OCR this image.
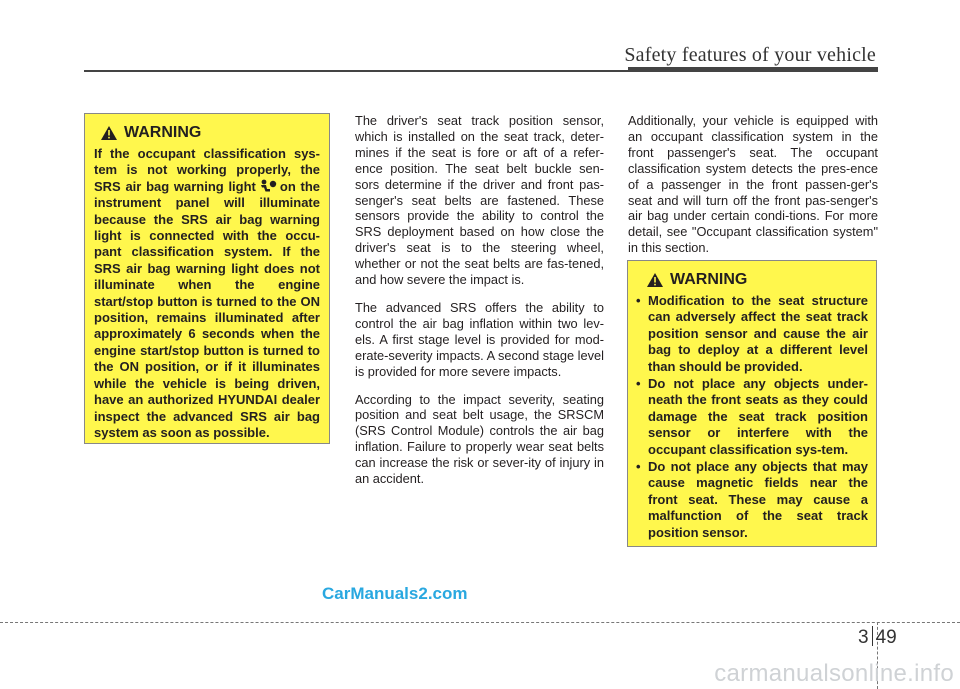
Safety features of your vehicle
WARNING
If the occupant classification sys-tem is not working properly, the SRS air bag warning light on the instrument panel will illuminate because the SRS air bag warning light is connected with the occu-pant classification system. If the SRS air bag warning light does not illuminate when the engine start/stop button is turned to the ON position, remains illuminated after approximately 6 seconds when the engine start/stop button is turned to the ON position, or if it illuminates while the vehicle is being driven, have an authorized HYUNDAI dealer inspect the advanced SRS air bag system as soon as possible.

The driver's seat track position sensor, which is installed on the seat track, deter-mines if the seat is fore or aft of a refer-ence position. The seat belt buckle sen-sors determine if the driver and front pas-senger's seat belts are fastened. These sensors provide the ability to control the SRS deployment based on how close the driver's seat is to the steering wheel, whether or not the seat belts are fas-tened, and how severe the impact is.

The advanced SRS offers the ability to control the air bag inflation within two lev-els. A first stage level is provided for mod-erate-severity impacts. A second stage level is provided for more severe impacts.

According to the impact severity, seating position and seat belt usage, the SRSCM (SRS Control Module) controls the air bag inflation. Failure to properly wear seat belts can increase the risk or sever-ity of injury in an accident.

Additionally, your vehicle is equipped with an occupant classification system in the front passenger's seat. The occupant classification system detects the pres-ence of a passenger in the front passen-ger's seat and will turn off the front pas-senger's air bag under certain condi-tions. For more detail, see "Occupant classification system" in this section.

WARNING
• Modification to the seat structure can adversely affect the seat track position sensor and cause the air bag to deploy at a different level than should be provided.
• Do not place any objects under-neath the front seats as they could damage the seat track position sensor or interfere with the occupant classification sys-tem.
• Do not place any objects that may cause magnetic fields near the front seat. These may cause a malfunction of the seat track position sensor.
CarManuals2.com
3 49
carmanualsonline.info
